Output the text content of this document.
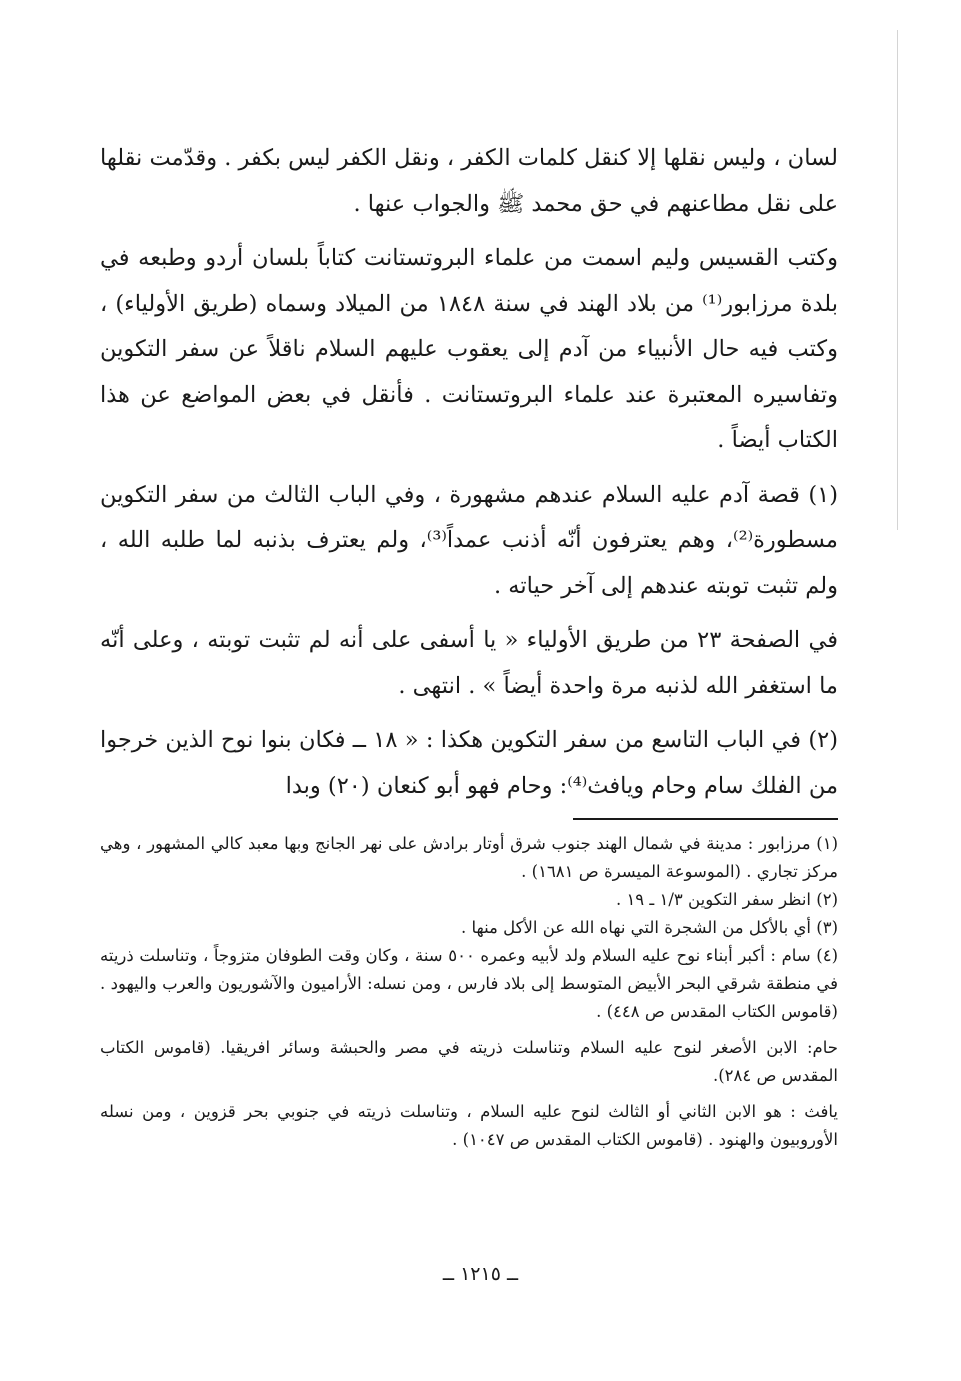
لسان ، وليس نقلها إلا كنقل كلمات الكفر ، ونقل الكفر ليس بكفر . وقدّمت نقلها على نقل مطاعنهم في حق محمد ﷺ والجواب عنها .

وكتب القسيس وليم اسمت من علماء البروتستانت كتاباً بلسان أردو وطبعه في بلدة مرزابور⁽¹⁾ من بلاد الهند في سنة ١٨٤٨ من الميلاد وسماه (طريق الأولياء) ، وكتب فيه حال الأنبياء من آدم إلى يعقوب عليهم السلام ناقلاً عن سفر التكوين وتفاسيره المعتبرة عند علماء البروتستانت . فأنقل في بعض المواضع عن هذا الكتاب أيضاً .

(١) قصة آدم عليه السلام عندهم مشهورة ، وفي الباب الثالث من سفر التكوين مسطورة⁽²⁾، وهم يعترفون أنّه أذنب عمداً⁽³⁾، ولم يعترف بذنبه لما طلبه الله ، ولم تثبت توبته عندهم إلى آخر حياته .

في الصفحة ٢٣ من طريق الأولياء « يا أسفى على أنه لم تثبت توبته ، وعلى أنّه ما استغفر الله لذنبه مرة واحدة أيضاً » . انتهى .

(٢) في الباب التاسع من سفر التكوين هكذا : « ١٨ ــ فكان بنوا نوح الذين خرجوا من الفلك سام وحام ويافث⁽⁴⁾: وحام فهو أبو كنعان (٢٠) وبدا

(١) مرزابور : مدينة في شمال الهند جنوب شرق أوتار برادش على نهر الجانج وبها معبد كالي المشهور ، وهي مركز تجاري . (الموسوعة الميسرة ص ١٦٨١) .

(٢) انظر سفر التكوين ١/٣ ـ ١٩ .

(٣) أي بالأكل من الشجرة التي نهاه الله عن الأكل منها .

(٤) سام : أكبر أبناء نوح عليه السلام ولد لأبيه وعمره ٥٠٠ سنة ، وكان وقت الطوفان متزوجاً ، وتناسلت ذريته في منطقة شرقي البحر الأبيض المتوسط إلى بلاد فارس ، ومن نسله: الأراميون والآشوريون والعرب واليهود . (قاموس الكتاب المقدس ص ٤٤٨) .

حام: الابن الأصغر لنوح عليه السلام وتناسلت ذريته في مصر والحبشة وسائر افريقيا. (قاموس الكتاب المقدس ص ٢٨٤).

يافث : هو الابن الثاني أو الثالث لنوح عليه السلام ، وتناسلت ذريته في جنوبي بحر قزوين ، ومن نسله الأوروبيون والهنود . (قاموس الكتاب المقدس ص ١٠٤٧) .

ــ ١٢١٥ ــ
